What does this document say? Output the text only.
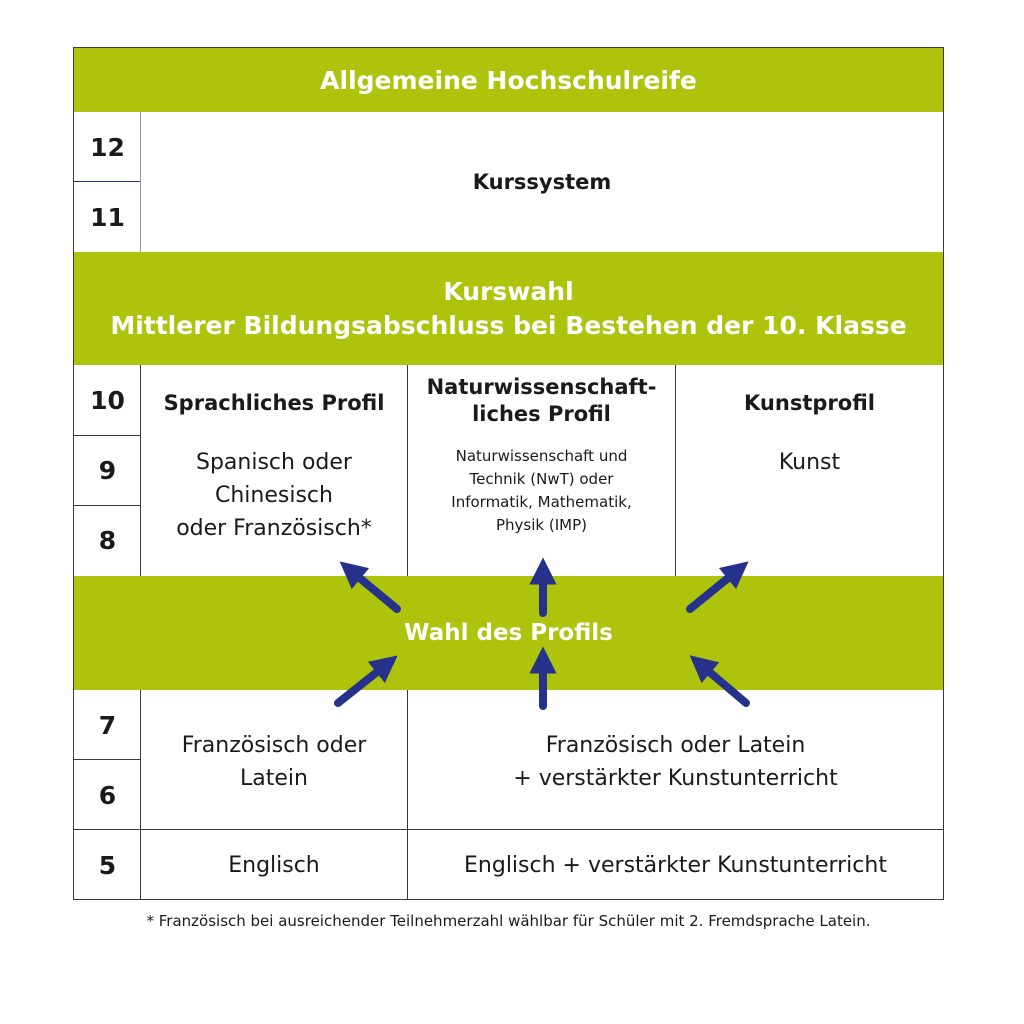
Allgemeine Hochschulreife
12
11
Kurssystem
Kurswahl
Mittlerer Bildungsabschluss bei Bestehen der 10. Klasse
10
9
8
Sprachliches Profil
Spanisch oder
Chinesisch
oder Französisch*
Naturwissenschaft-
liches Profil
Naturwissenschaft und
Technik (NwT) oder
Informatik, Mathematik,
Physik (IMP)
Kunstprofil
Kunst
Wahl des Profils
7
6
Französisch oder
Latein
Französisch oder Latein
+ verstärkter Kunstunterricht
5	Englisch	Englisch + verstärkter Kunstunterricht
* Französisch bei ausreichender Teilnehmerzahl wählbar für Schüler mit 2. Fremdsprache Latein.
